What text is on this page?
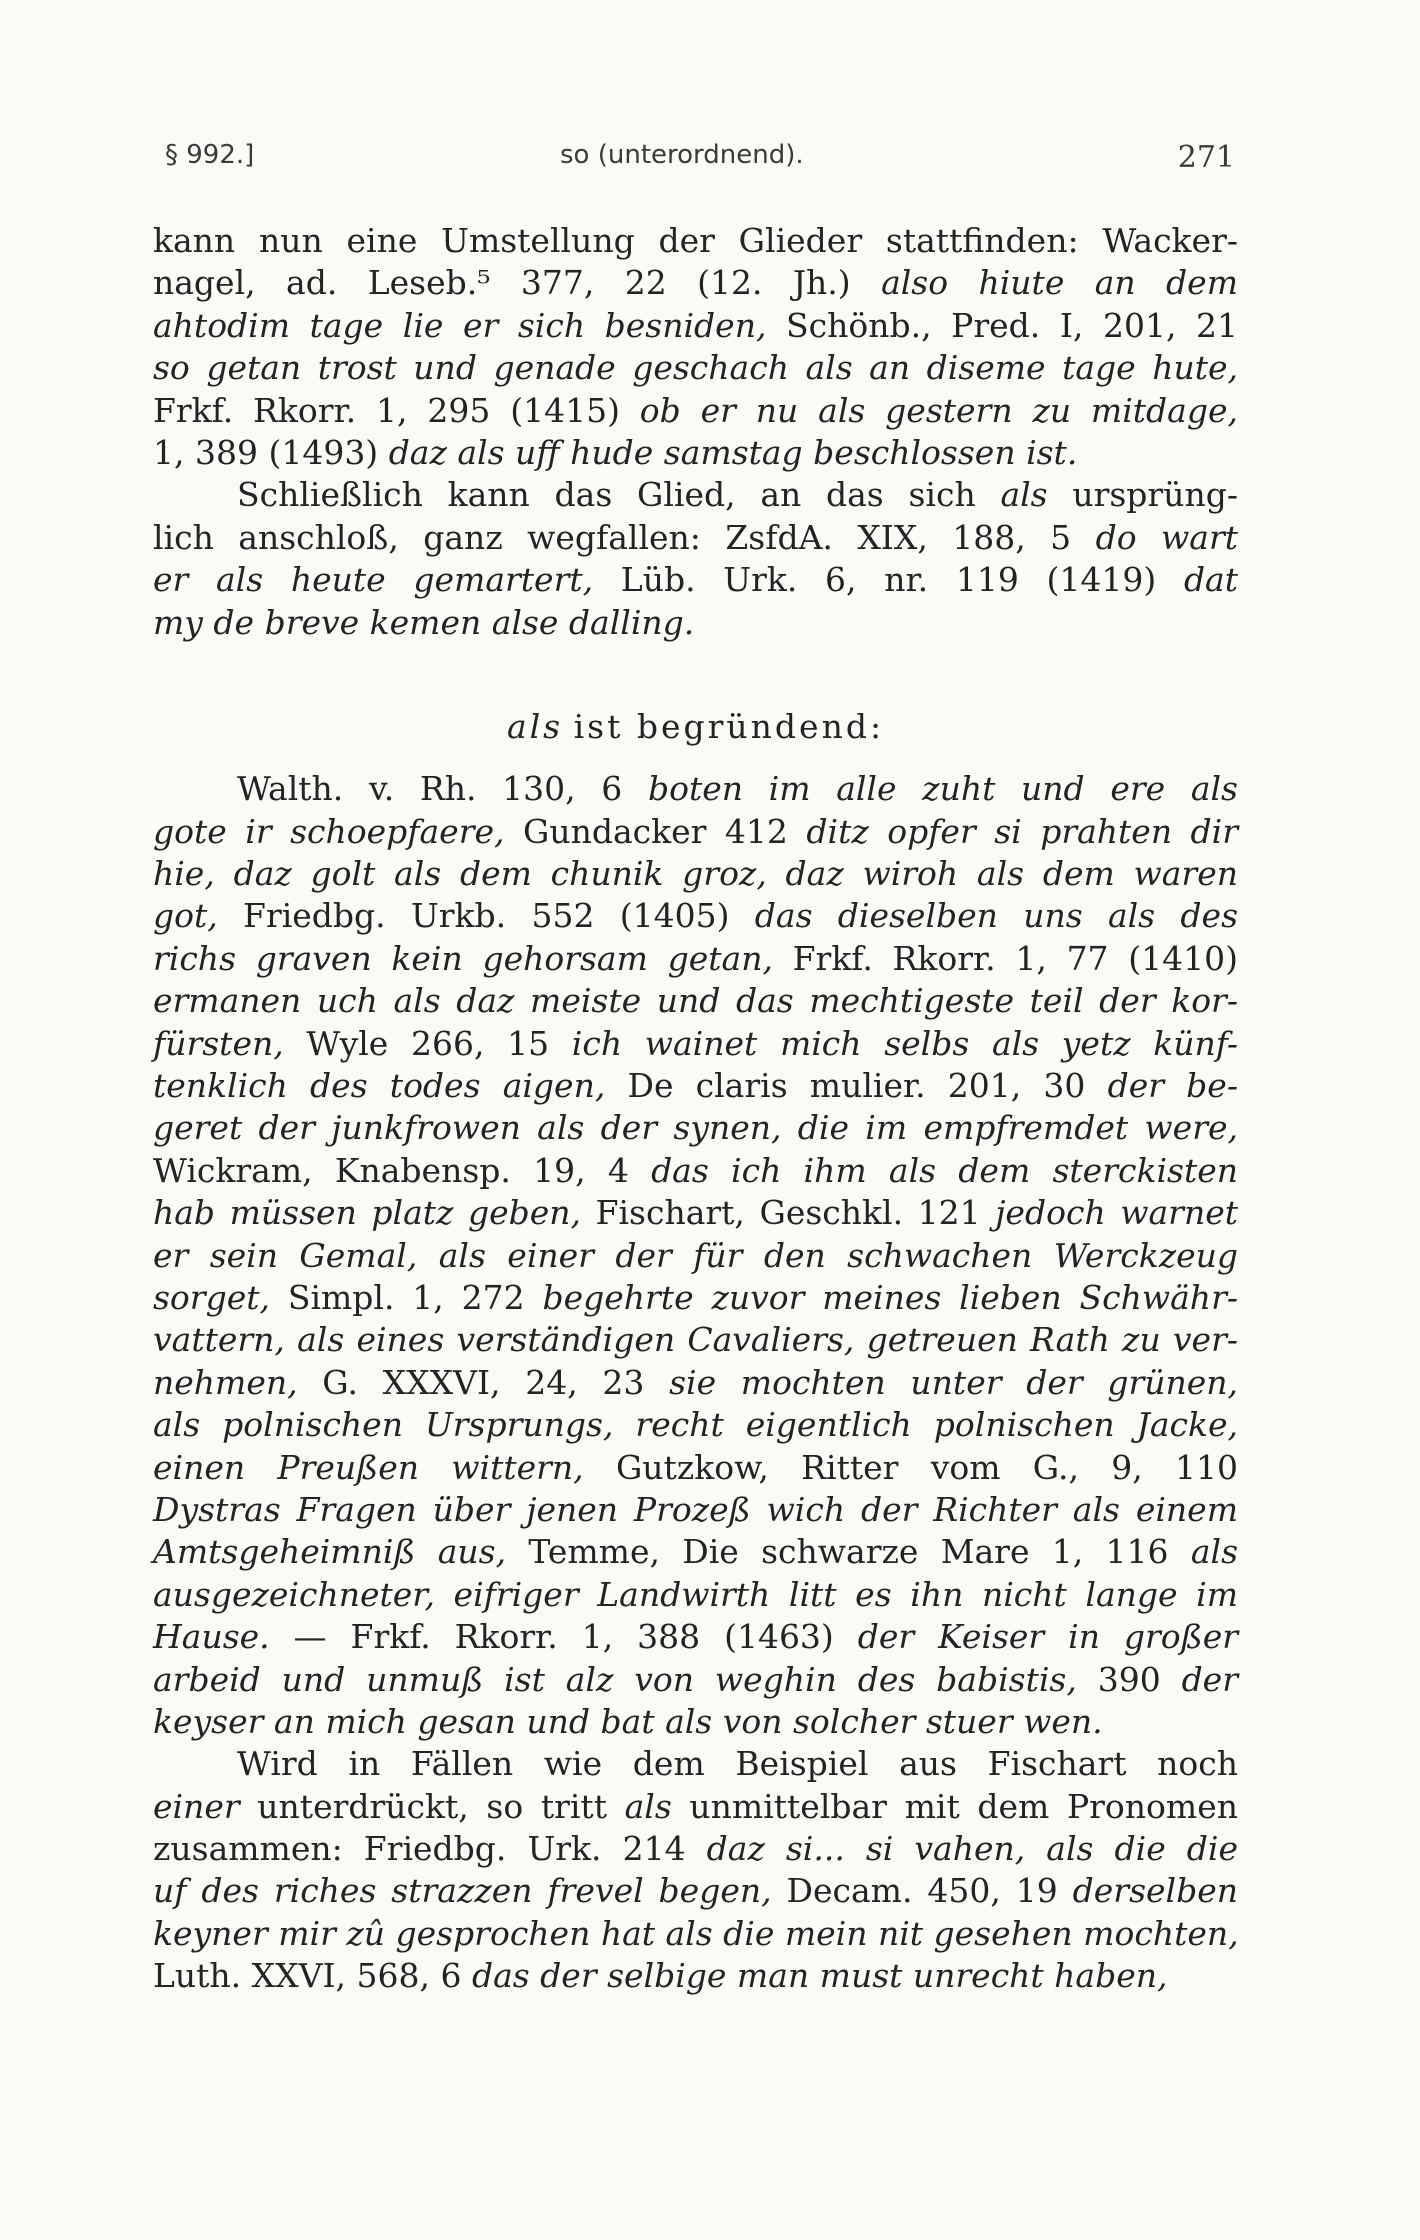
§ 992.]	so (unterordnend).	271
kann nun eine Umstellung der Glieder stattfinden: Wacker-
nagel, ad. Leseb.⁵ 377, 22 (12. Jh.) also hiute an dem
ahtodim tage lie er sich besniden, Schönb., Pred. I, 201, 21
so getan trost und genade geschach als an diseme tage hute,
Frkf. Rkorr. 1, 295 (1415) ob er nu als gestern zu mitdage,
1, 389 (1493) daz als uff hude samstag beschlossen ist.
Schließlich kann das Glied, an das sich als ursprüng-
lich anschloß, ganz wegfallen: ZsfdA. XIX, 188, 5 do wart
er als heute gemartert, Lüb. Urk. 6, nr. 119 (1419) dat
my de breve kemen alse dalling.
als ist begründend:
Walth. v. Rh. 130, 6 boten im alle zuht und ere als
gote ir schoepfaere, Gundacker 412 ditz opfer si prahten dir
hie, daz golt als dem chunik groz, daz wiroh als dem waren
got, Friedbg. Urkb. 552 (1405) das dieselben uns als des
richs graven kein gehorsam getan, Frkf. Rkorr. 1, 77 (1410)
ermanen uch als daz meiste und das mechtigeste teil der kor-
fürsten, Wyle 266, 15 ich wainet mich selbs als yetz künf-
tenklich des todes aigen, De claris mulier. 201, 30 der be-
geret der junkfrowen als der synen, die im empfremdet were,
Wickram, Knabensp. 19, 4 das ich ihm als dem sterckisten
hab müssen platz geben, Fischart, Geschkl. 121 jedoch warnet
er sein Gemal, als einer der für den schwachen Werckzeug
sorget, Simpl. 1, 272 begehrte zuvor meines lieben Schwähr-
vattern, als eines verständigen Cavaliers, getreuen Rath zu ver-
nehmen, G. XXXVI, 24, 23 sie mochten unter der grünen,
als polnischen Ursprungs, recht eigentlich polnischen Jacke,
einen Preußen wittern, Gutzkow, Ritter vom G., 9, 110
Dystras Fragen über jenen Prozeß wich der Richter als einem
Amtsgeheimniß aus, Temme, Die schwarze Mare 1, 116 als
ausgezeichneter, eifriger Landwirth litt es ihn nicht lange im
Hause. — Frkf. Rkorr. 1, 388 (1463) der Keiser in großer
arbeid und unmuß ist alz von weghin des babistis, 390 der
keyser an mich gesan und bat als von solcher stuer wen.
Wird in Fällen wie dem Beispiel aus Fischart noch
einer unterdrückt, so tritt als unmittelbar mit dem Pronomen
zusammen: Friedbg. Urk. 214 daz si... si vahen, als die die
uf des riches strazzen frevel begen, Decam. 450, 19 derselben
keyner mir zû gesprochen hat als die mein nit gesehen mochten,
Luth. XXVI, 568, 6 das der selbige man must unrecht haben,
